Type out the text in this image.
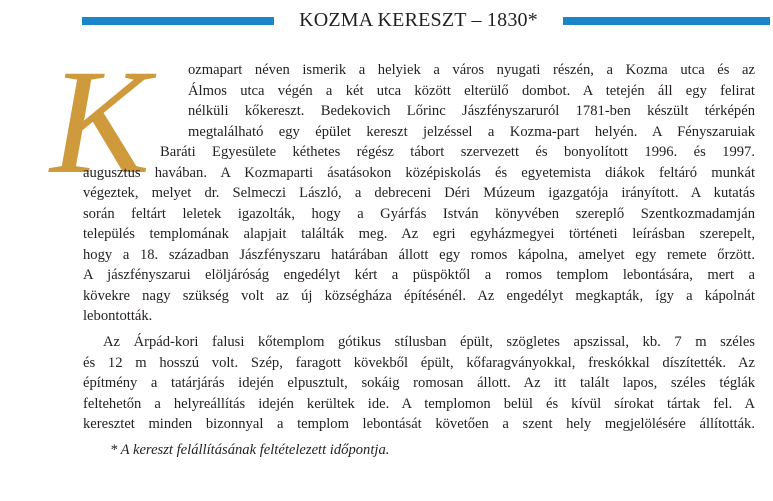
KOZMA KERESZT – 1830*
K	ozmapart néven ismerik a helyiek a város nyugati részén, a Kozma utca és az
Álmos utca végén a két utca között elterülő dombot. A tetején áll egy felirat
nélküli kőkereszt. Bedekovich Lőrinc Jászfényszaruról 1781-ben készült térképén
megtalálható egy épület kereszt jelzéssel a Kozma-part helyén. A Fényszaruiak
Baráti Egyesülete kéthetes régész tábort szervezett és bonyolított 1996. és 1997.
augusztus havában. A Kozmaparti ásatásokon középiskolás és egyetemista diákok feltáró munkát
végeztek, melyet dr. Selmeczi László, a debreceni Déri Múzeum igazgatója irányított. A kutatás
során feltárt leletek igazolták, hogy a Gyárfás István könyvében szereplő Szentkozmadamján
település templomának alapjait találták meg. Az egri egyházmegyei történeti leírásban szerepelt,
hogy a 18. században Jászfényszaru határában állott egy romos kápolna, amelyet egy remete őrzött.
A jászfényszarui elöljáróság engedélyt kért a püspöktől a romos templom lebontására, mert a
kövekre nagy szükség volt az új községháza építésénél. Az engedélyt megkapták, így a kápolnát
lebontották.
Az Árpád-kori falusi kőtemplom gótikus stílusban épült, szögletes apszissal, kb. 7 m széles
és 12 m hosszú volt. Szép, faragott kövekből épült, kőfaragványokkal, freskókkal díszítették. Az
építmény a tatárjárás idején elpusztult, sokáig romosan állott. Az itt talált lapos, széles téglák
feltehetőn a helyreállítás idején kerültek ide. A templomon belül és kívül sírokat tártak fel. A
keresztet minden bizonnyal a templom lebontását követően a szent hely megjelölésére állították.
* A kereszt felállításának feltételezett időpontja.
